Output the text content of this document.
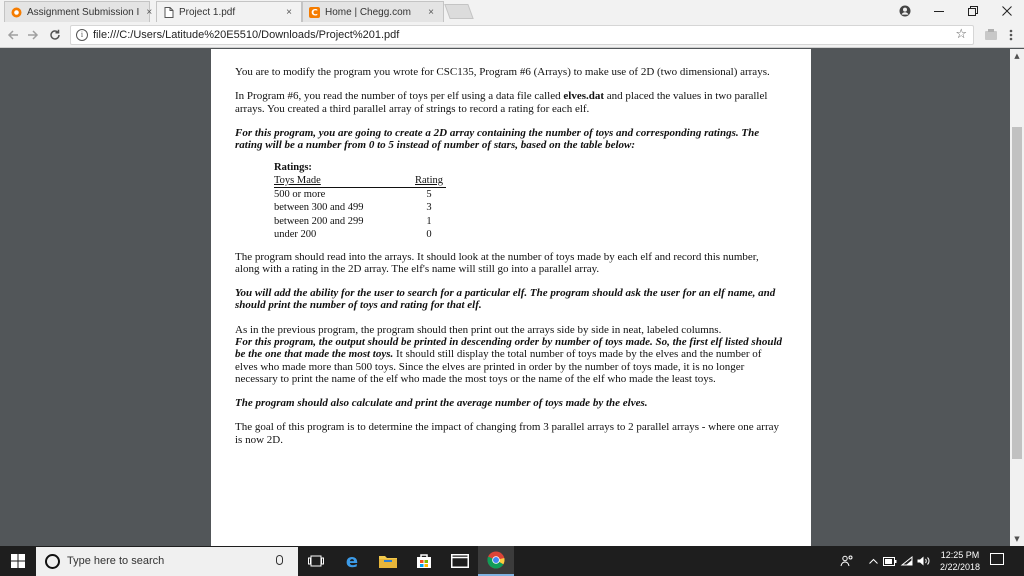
Assignment Submission I ×	Project 1.pdf	×	C Home | Chegg.com	×
i file:///C:/Users/Latitude%20E5510/Downloads/Project%201.pdf	☆

You are to modify the program you wrote for CSC135, Program #6 (Arrays) to make use of 2D (two dimensional) arrays.

In Program #6, you read the number of toys per elf using a data file called elves.dat and placed the values in two parallel arrays. You created a third parallel array of strings to record a rating for each elf.

For this program, you are going to create a 2D array containing the number of toys and corresponding ratings. The rating will be a number from 0 to 5 instead of number of stars, based on the table below:

Ratings:
Toys Made	Rating
500 or more	5
between 300 and 499	3
between 200 and 299	1
under 200	0

The program should read into the arrays. It should look at the number of toys made by each elf and record this number, along with a rating in the 2D array. The elf's name will still go into a parallel array.

You will add the ability for the user to search for a particular elf. The program should ask the user for an elf name, and should print the number of toys and rating for that elf.

As in the previous program, the program should then print out the arrays side by side in neat, labeled columns.
For this program, the output should be printed in descending order by number of toys made. So, the first elf listed should be the one that made the most toys. It should still display the total number of toys made by the elves and the number of elves who made more than 500 toys. Since the elves are printed in order by the number of toys made, it is no longer necessary to print the name of the elf who made the most toys or the name of the elf who made the least toys.

The program should also calculate and print the average number of toys made by the elves.

The goal of this program is to determine the impact of changing from 3 parallel arrays to 2 parallel arrays - where one array is now 2D.

▲
▼
Type here to search	e	12:25 PM
2/22/2018
